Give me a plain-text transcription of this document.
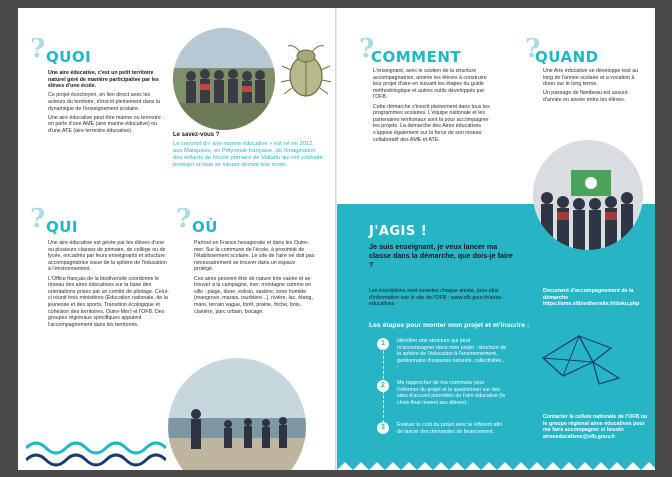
? QUOI

Une aire éducative, c'est un petit territoire naturel géré de manière participative par les élèves d'une école.

Ce projet écocitoyen, en lien direct avec les acteurs du territoire, s'inscrit pleinement dans la dynamique de l'enseignement scolaire.

Une aire éducative peut être marine ou terrestre : on parle d'une AME (aire marine éducative) ou d'une ATE (aire terrestre éducative).

Le savez-vous ?

Le concept d'« aire marine éducative » est né en 2012, aux Marquises, en Polynésie française, de l'imagination des enfants de l'école primaire de Vaitahu qui ont souhaité protéger la baie se situant devant leur école.

? QUI

Une aire éducative est gérée par les élèves d'une ou plusieurs classes de primaire, de collège ou de lycée, encadrés par leurs enseignants et structure accompagnatrice issue de la sphère de l'éducation à l'environnement.

L'Office français de la biodiversité coordonne le réseau des aires éducatives sur la base des orientations prises par un comité de pilotage. Celui-ci réunit trois ministères (Éducation nationale, de la jeunesse et des sports, Transition écologique et cohésion des territoires, Outre-Mer) et l'OFB. Des groupes régionaux spécifiques appuient l'accompagnement dans les territoires.

? OÙ

Partout en France hexagonale et dans les Outre-mer. Sur la commune de l'école, à proximité de l'établissement scolaire. Le site de l'aire ne doit pas nécessairement se trouver dans un espace protégé.

Ces aires peuvent être de nature très variée et se trouver à la campagne, mer, montagne comme en ville : plage, dune, estran, vasière, zone humide (mangrove, marais, tourbière...), rivière, lac, étang, mare, terrain vague, forêt, prairie, friche, bois, clairière, parc urbain, bocage.

?
COMMENT

L'enseignant, avec le soutien de la structure accompagnatrice, amène les élèves à construire leur projet d'aire en suivant les étapes du guide méthodologique et autres outils développés par l'OFB.

Cette démarche s'inscrit pleinement dans tous les programmes scolaires. L'équipe nationale et les partenaires territoriaux sont là pour accompagner les projets. La démarche des Aires éducatives s'appuie également sur la force de son réseau collaboratif des AME et ATE.

?
QUAND

Une Aire éducative se développe tout au long de l'année scolaire et a vocation à durer sur le long terme.

Un passage de flambeau est assuré d'année en année entre les élèves.

J'AGIS !
Je suis enseignant, je veux lancer ma classe dans la démarche, que dois-je faire ?
Les inscriptions sont ouvertes chaque année, pour plus d'information voir le site de l'OFB : www.ofb.gouv.fr/aires-educatives
Document d'accompagnement de la démarche https://ame.sitbiodiversite.fr/doku.php
Les étapes pour monter mon projet et m'inscrire :
1	Identifier une structure qui peut m'accompagner dans mon projet : structure de la sphère de l'éducation à l'environnement, gestionnaire d'espaces naturels, collectivités... ;
2	Me rapprocher de ma commune pour l'informer du projet et la questionner sur des sites d'accueil potentiels de l'aire éducative (le choix final revient aux élèves) ;
3	Évaluer le coût du projet avec le référent afin de lancer des demandes de financement.
Contacter la cellule nationale de l'OFB ou le groupe régional aires éducatives pour me faire accompagner si besoin aireseducatives@ofb.gouv.fr
